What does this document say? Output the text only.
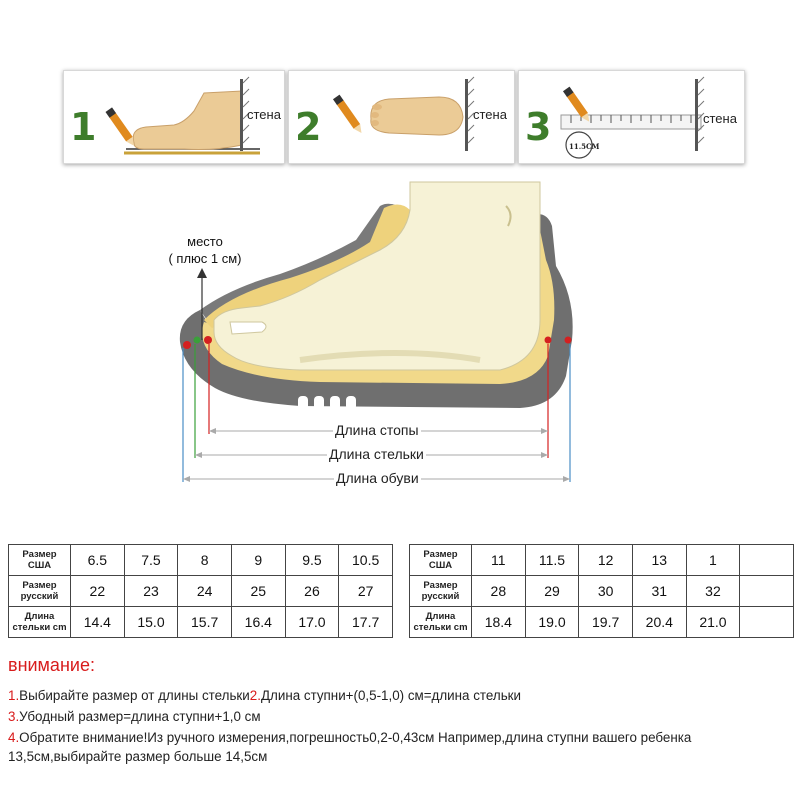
1	стена 2	стена 3	11.5CM
стена
место
( плюс 1 см)
Длина стопы
Длина стельки
Длина обуви
Размер
США	6.5	7.5	8	9	9.5	10.5
Размер
русский	22	23	24	25	26	27
Длина
стельки cm	14.4	15.0	15.7	16.4	17.0	17.7
Размер
США	11	11.5	12	13	1	
Размер
русский	28	29	30	31	32	
Длина
стельки cm	18.4	19.0	19.7	20.4	21.0	
внимание:
1.Выбирайте размер от длины стельки2.Длина ступни+(0,5-1,0) см=длина стельки
3.Убодный размер=длина ступни+1,0 см
4.Обратите внимание!Из ручного измерения,погрешность0,2-0,43см Например,длина ступни вашего ребенка
13,5см,выбирайте размер больше 14,5см
